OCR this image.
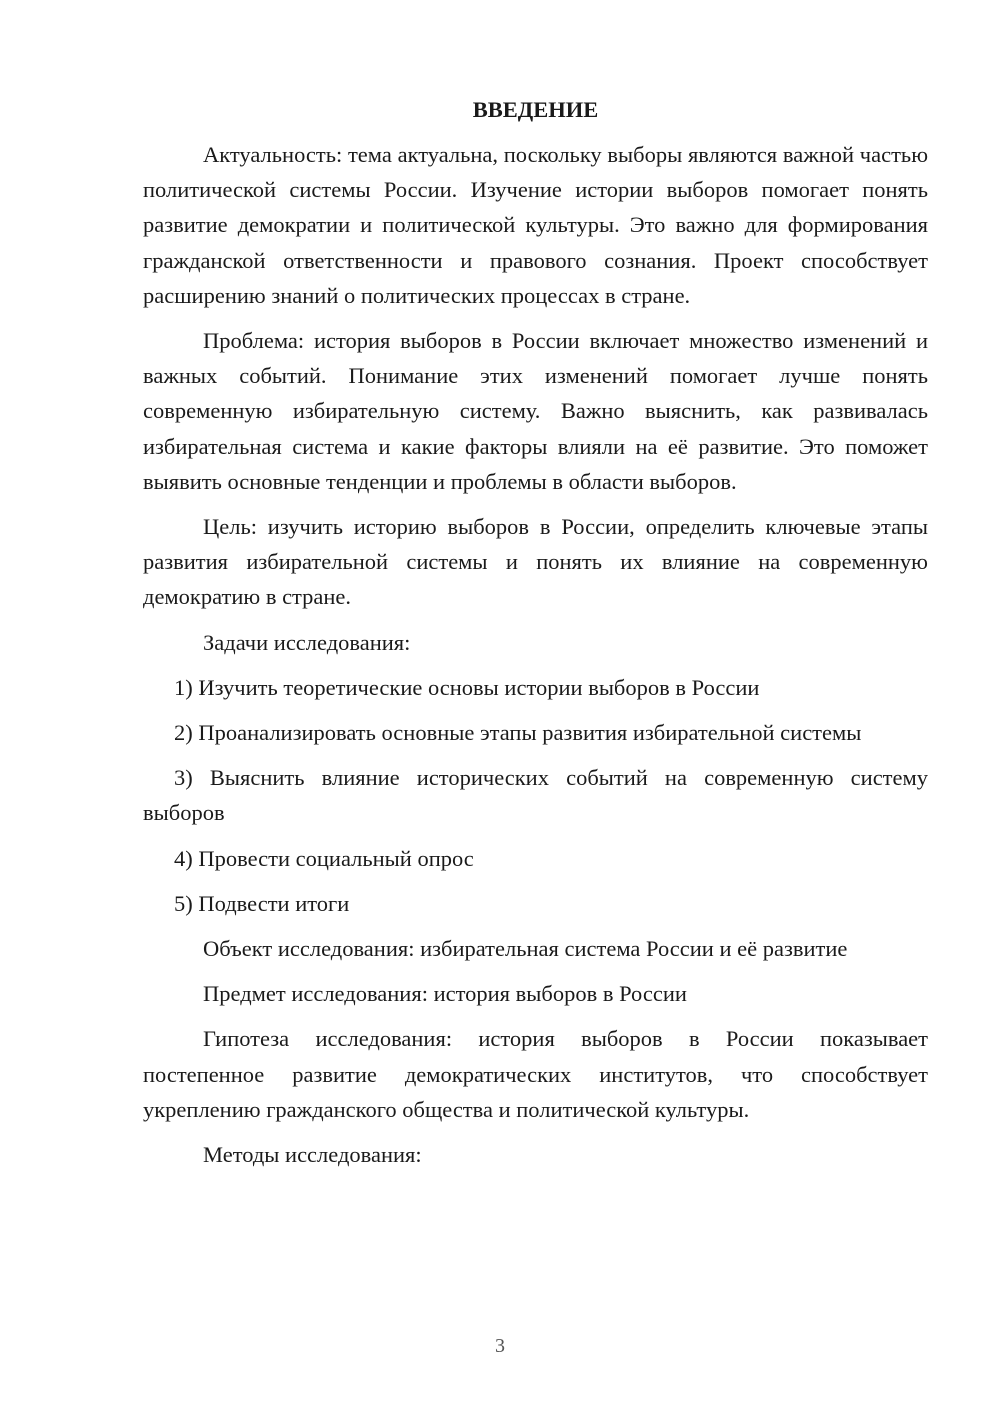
ВВЕДЕНИЕ

Актуальность: тема актуальна, поскольку выборы являются важной частью политической системы России. Изучение истории выборов помогает понять развитие демократии и политической культуры. Это важно для формирования гражданской ответственности и правового сознания. Проект способствует расширению знаний о политических процессах в стране.

Проблема: история выборов в России включает множество изменений и важных событий. Понимание этих изменений помогает лучше понять современную избирательную систему. Важно выяснить, как развивалась избирательная система и какие факторы влияли на её развитие. Это поможет выявить основные тенденции и проблемы в области выборов.

Цель: изучить историю выборов в России, определить ключевые этапы развития избирательной системы и понять их влияние на современную демократию в стране.

Задачи исследования:

1) Изучить теоретические основы истории выборов в России

2) Проанализировать основные этапы развития избирательной системы

3) Выяснить влияние исторических событий на современную систему выборов

4) Провести социальный опрос

5) Подвести итоги

Объект исследования: избирательная система России и её развитие

Предмет исследования: история выборов в России

Гипотеза исследования: история выборов в России показывает постепенное развитие демократических институтов, что способствует укреплению гражданского общества и политической культуры.

Методы исследования:

3
